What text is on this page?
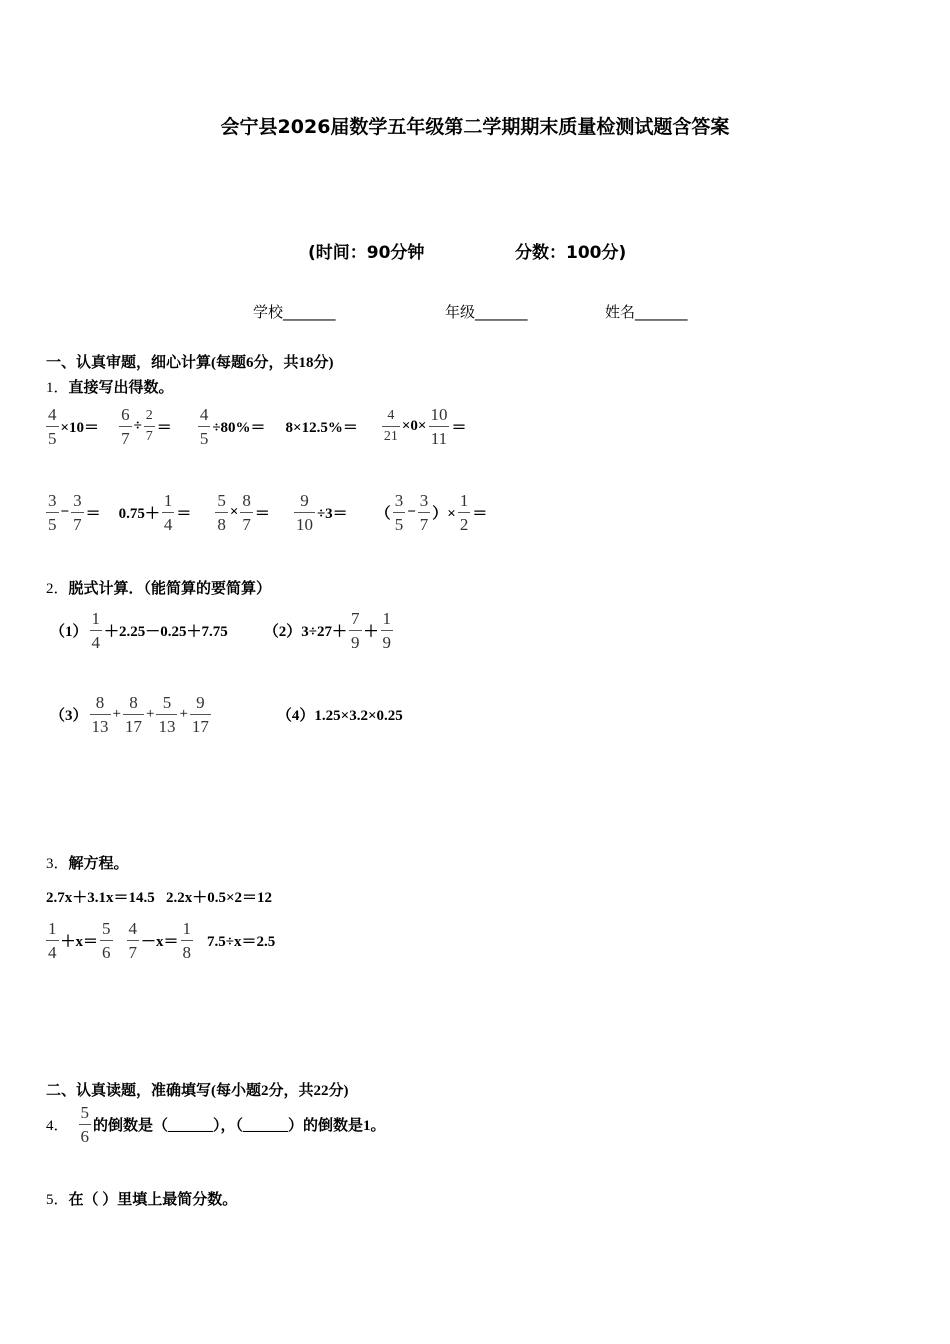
会宁县2026届数学五年级第二学期期末质量检测试题含答案
(时间：90分钟	分数：100分)
学校_______	年级_______	姓名_______
一、认真审题，细心计算(每题6分，共18分)
1．直接写出得数。
$\frac{4}{5} \times 10= \frac{6}{7} \div \frac{2}{7} = \frac{4}{5} \div 80\%= 8\times 12.5\%= \frac{4}{21} \times 0\times \frac{10}{11}$ ＝
$\frac{3}{5} - \frac{3}{7} = 0.75+ \frac{1}{4} = \frac{5}{8} \times \frac{8}{7} = \frac{9}{10} \div 3=$ （ $\frac{3}{5} - \frac{3}{7}$ ）× $\frac{1}{2}$ ＝
2．脱式计算．（能简算的要简算）
$(1) \frac{1}{4} +2.25-0.25+7.75$ $(2)3\div 27+ \frac{7}{9} + \frac{1}{9}$
$(3) \frac{8}{13} + \frac{8}{17} + \frac{5}{13} + \frac{9}{17}$	（4）1.25×3.2×0.25
3．解方程。
2.7x＋3.1x＝14.5   2.2x＋0.5×2＝12
$\frac{1}{4} +x= \frac{5}{6} \frac{4}{7} -x= \frac{1}{8} 7.5\div x=2.5$
二、认真读题，准确填写(每小题2分，共22分)
4． $\frac{5}{6}$ 的倒数是（______），（______）的倒数是1。
5．在（ ）里填上最简分数。
